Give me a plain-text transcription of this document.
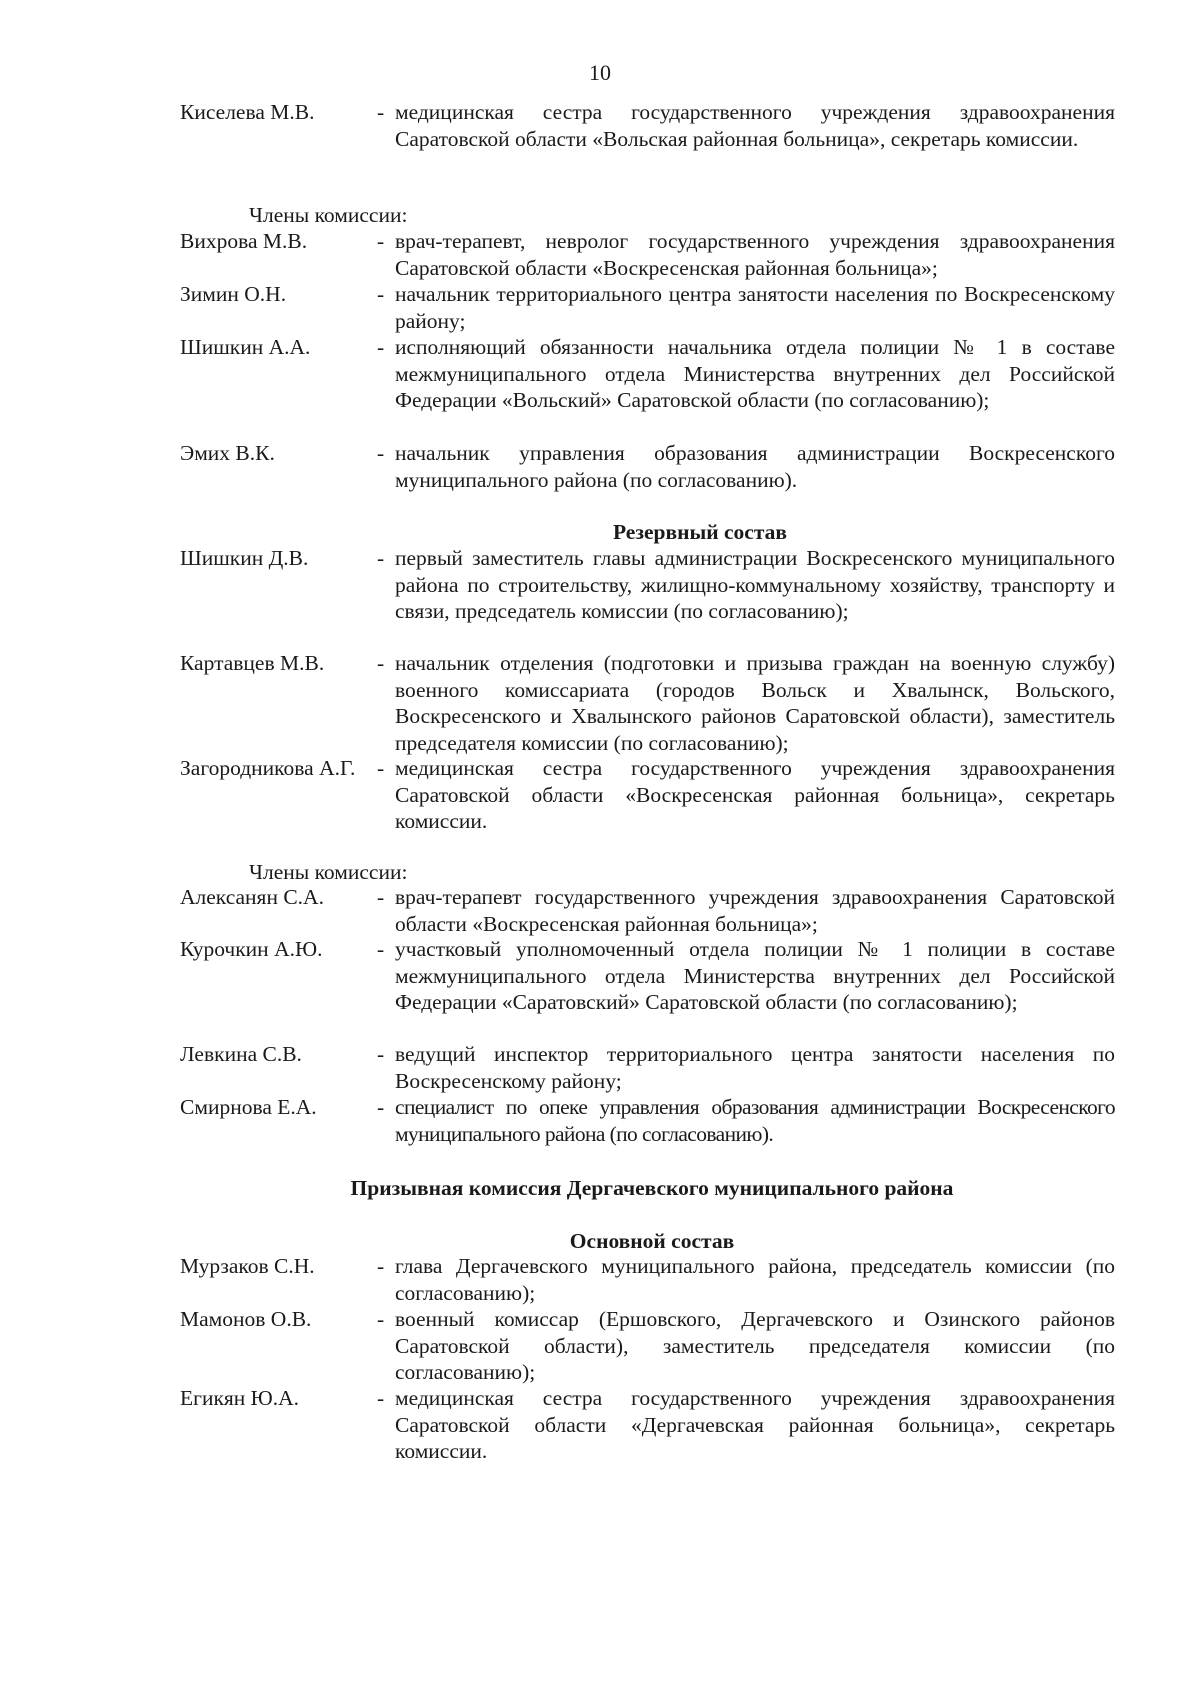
10
Киселева М.В.	- медицинская сестра государственного учреждения здравоохранения Саратовской области «Вольская районная больница», секретарь комиссии.
Члены комиссии:
Вихрова М.В.	- врач-терапевт, невролог государственного учреждения здравоохранения Саратовской области «Воскресенская районная больница»;
Зимин О.Н.	- начальник территориального центра занятости населения по Воскресенскому району;
Шишкин А.А.	- исполняющий обязанности начальника отдела полиции № 1 в составе межмуниципального отдела Министерства внутренних дел Российской Федерации «Вольский» Саратовской области (по согласованию);
Эмих В.К.	- начальник управления образования администрации Воскресенского муниципального района (по согласованию).
Резервный состав
Шишкин Д.В.	- первый заместитель главы администрации Воскресенского муниципального района по строительству, жилищно-коммунальному хозяйству, транспорту и связи, председатель комиссии (по согласованию);
Картавцев М.В. - начальник отделения (подготовки и призыва граждан на военную службу) военного комиссариата (городов Вольск и Хвалынск, Вольского, Воскресенского и Хвалынского районов Саратовской области), заместитель председателя комиссии (по согласованию);
Загородникова А.Г. - медицинская сестра государственного учреждения здравоохранения Саратовской области «Воскресенская районная больница», секретарь комиссии.
Члены комиссии:
Алексанян С.А. - врач-терапевт государственного учреждения здравоохранения Саратовской области «Воскресенская районная больница»;
Курочкин А.Ю.	- участковый уполномоченный отдела полиции № 1 полиции в составе межмуниципального отдела Министерства внутренних дел Российской Федерации «Саратовский» Саратовской области (по согласованию);
Левкина С.В.	- ведущий инспектор территориального центра занятости населения по Воскресенскому району;
Смирнова Е.А.	- специалист по опеке управления образования администрации Воскресенского муниципального района (по согласованию).
Призывная комиссия Дергачевского муниципального района
Основной состав
Мурзаков С.Н.	- глава Дергачевского муниципального района, председатель комиссии (по согласованию);
Мамонов О.В.	- военный комиссар (Ершовского, Дергачевского и Озинского районов Саратовской области), заместитель председателя комиссии (по согласованию);
Егикян Ю.А.	- медицинская сестра государственного учреждения здравоохранения Саратовской области «Дергачевская районная больница», секретарь комиссии.
